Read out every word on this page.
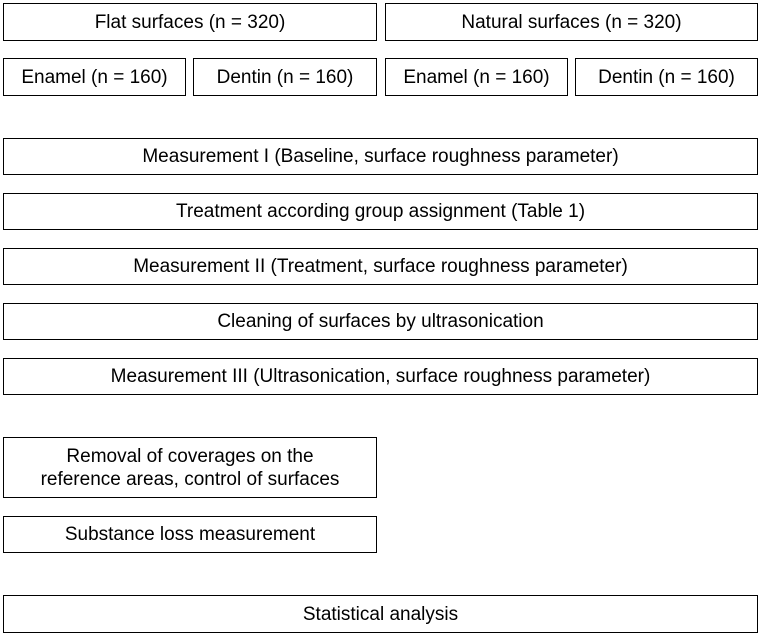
Flat surfaces (n = 320)	Natural surfaces (n = 320)
Enamel (n = 160)	Dentin (n = 160)	Enamel (n = 160)	Dentin (n = 160)
Measurement I (Baseline, surface roughness parameter)
Treatment according group assignment (Table 1)
Measurement II (Treatment, surface roughness parameter)
Cleaning of surfaces by ultrasonication
Measurement III (Ultrasonication, surface roughness parameter)
Removal of coverages on the
reference areas, control of surfaces
Substance loss measurement
Statistical analysis
